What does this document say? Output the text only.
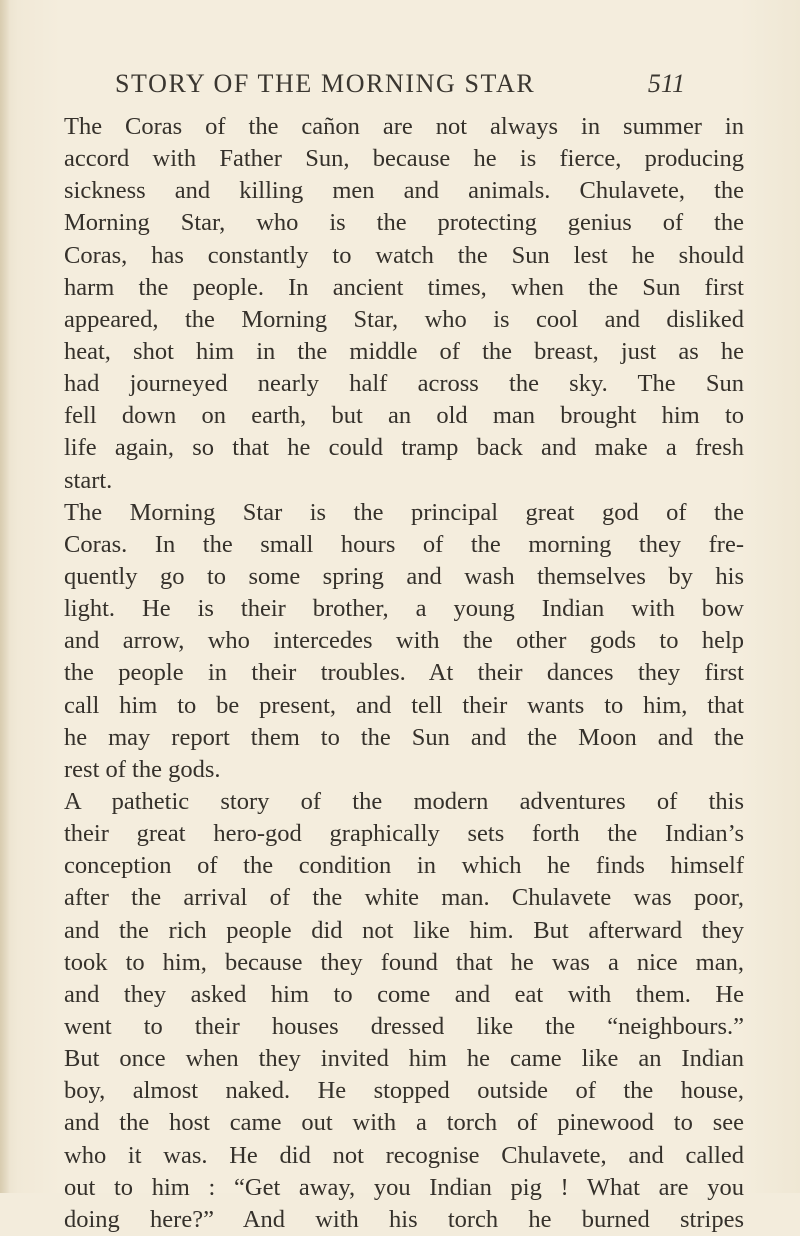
STORY OF THE MORNING STAR	511
The Coras of the cañon are not always in summer in
accord with Father Sun, because he is fierce, producing
sickness and killing men and animals. Chulavete, the
Morning Star, who is the protecting genius of the
Coras, has constantly to watch the Sun lest he should
harm the people. In ancient times, when the Sun first
appeared, the Morning Star, who is cool and disliked
heat, shot him in the middle of the breast, just as he
had journeyed nearly half across the sky. The Sun
fell down on earth, but an old man brought him to
life again, so that he could tramp back and make a fresh
start.
The Morning Star is the principal great god of the
Coras. In the small hours of the morning they fre-
quently go to some spring and wash themselves by his
light. He is their brother, a young Indian with bow
and arrow, who intercedes with the other gods to help
the people in their troubles. At their dances they first
call him to be present, and tell their wants to him, that
he may report them to the Sun and the Moon and the
rest of the gods.
A pathetic story of the modern adventures of this
their great hero-god graphically sets forth the Indian’s
conception of the condition in which he finds himself
after the arrival of the white man. Chulavete was poor,
and the rich people did not like him. But afterward they
took to him, because they found that he was a nice man,
and they asked him to come and eat with them. He
went to their houses dressed like the “neighbours.”
But once when they invited him he came like an Indian
boy, almost naked. He stopped outside of the house,
and the host came out with a torch of pinewood to see
who it was. He did not recognise Chulavete, and called
out to him : “Get away, you Indian pig ! What are you
doing here?” And with his torch he burned stripes
